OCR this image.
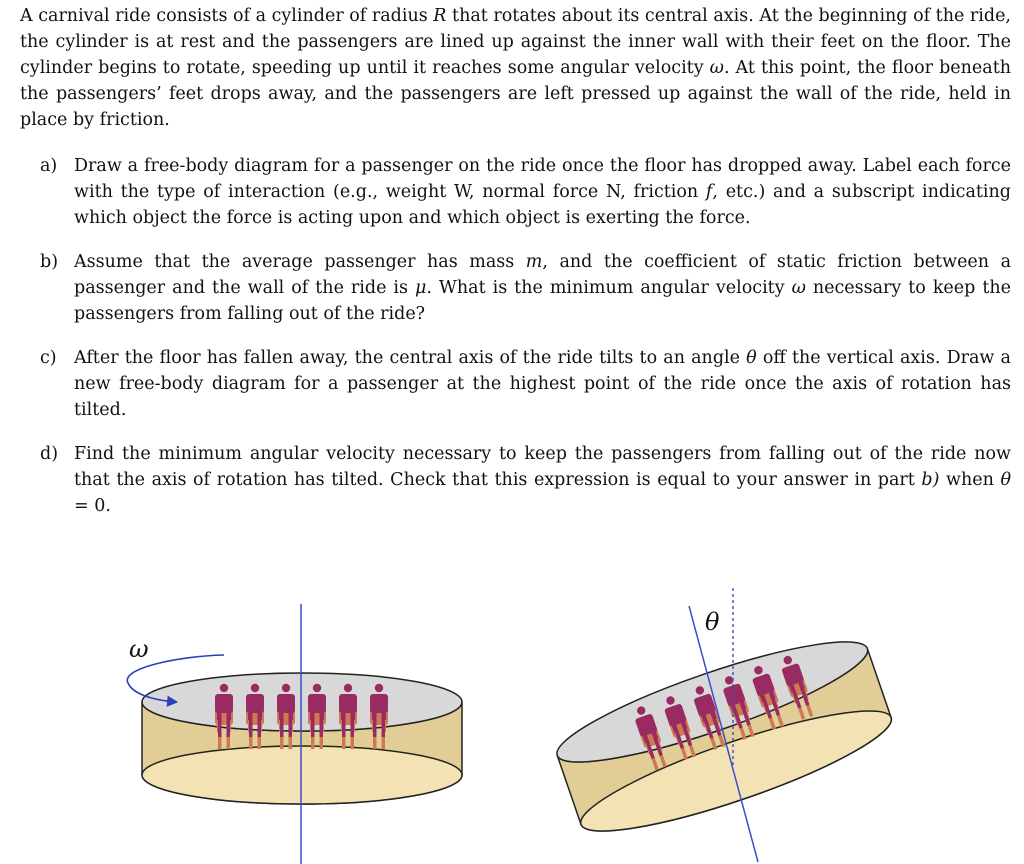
A carnival ride consists of a cylinder of radius R that rotates about its central axis. At the beginning of the ride, the cylinder is at rest and the passengers are lined up against the inner wall with their feet on the floor. The cylinder begins to rotate, speeding up until it reaches some angular velocity ω. At this point, the floor beneath the passengers’ feet drops away, and the passengers are left pressed up against the wall of the ride, held in place by friction.

a) Draw a free-body diagram for a passenger on the ride once the floor has dropped away. Label each force with the type of interaction (e.g., weight W, normal force N, friction f, etc.) and a subscript indicating which object the force is acting upon and which object is exerting the force.
b) Assume that the average passenger has mass m, and the coefficient of static friction between a passenger and the wall of the ride is μ. What is the minimum angular velocity ω necessary to keep the passengers from falling out of the ride?
c) After the floor has fallen away, the central axis of the ride tilts to an angle θ off the vertical axis. Draw a new free-body diagram for a passenger at the highest point of the ride once the axis of rotation has tilted.
d) Find the minimum angular velocity necessary to keep the passengers from falling out of the ride now that the axis of rotation has tilted. Check that this expression is equal to your answer in part b) when θ = 0.
ω
θ
